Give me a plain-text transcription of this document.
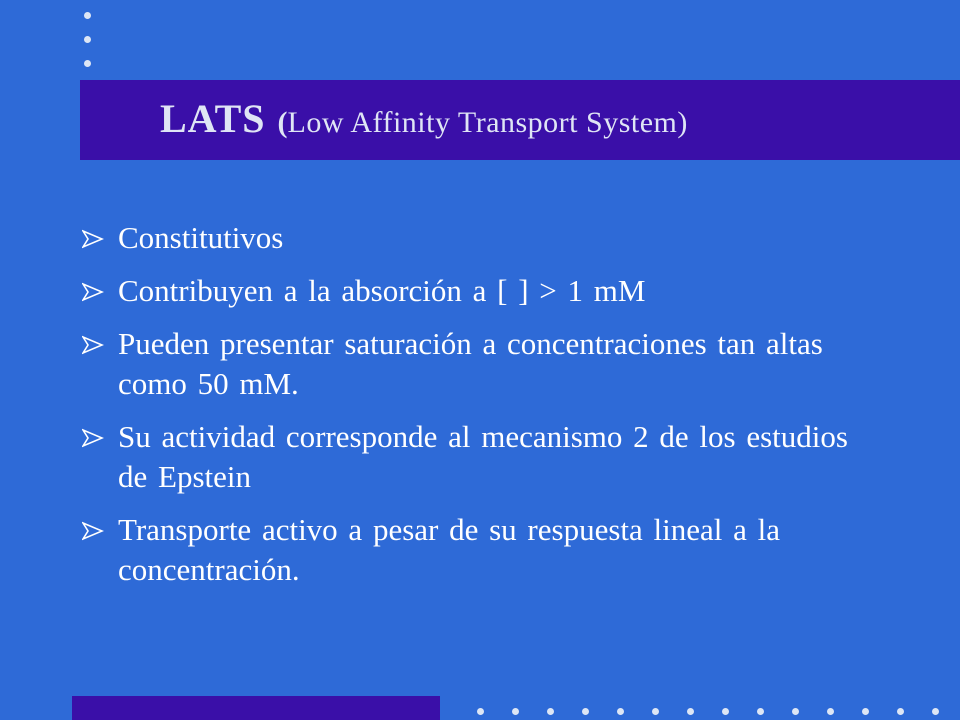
LATS (Low Affinity Transport System)
Constitutivos
Contribuyen a la absorción a [ ] > 1 mM
Pueden presentar saturación a concentraciones tan altas como 50 mM.
Su actividad corresponde al mecanismo 2 de los estudios de Epstein
Transporte activo a pesar de su respuesta lineal a la concentración.
